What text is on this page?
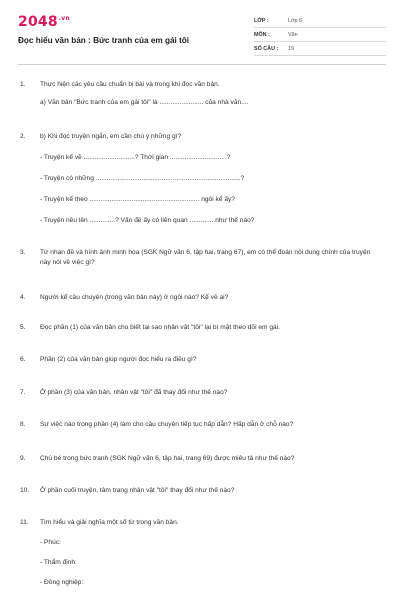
$2048^{.vn}$
Đọc hiểu văn bản : Bức tranh của em gái tôi
LỚP :	Lớp 6
MÔN :	Văn
SỐ CÂU :	19
1.	Thực hiện các yêu cầu chuẩn bị bài và trong khi đọc văn bản.
a) Văn bản "Bức tranh của em gái tôi" là ........................ của nhà văn....
2.	b) Khi đọc truyện ngắn, em cần chú ý những gì?
- Truyện kể về ............................? Thời gian ...............................?
- Truyện có những ...............................................................................?
- Truyện kể theo ............................................................ ngôi kể ấy?
- Truyện nêu lên ..............? Vấn đề ấy có liên quan ............. như thế nào?
3.	Từ nhan đề và hình ảnh minh họa (SGK Ngữ văn 6, tập hai, trang 67), em có thể đoán nội dung chính của truyện này nói về việc gì?
4.	Người kể câu chuyện (trong văn bản này) ở ngôi nào? Kể về ai?
5.	Đọc phần (1) của văn bản cho biết tại sao nhân vật "tôi" lại bí mật theo dõi em gái.
6.	Phần (2) của văn bản giúp người đọc hiểu ra điều gì?
7.	Ở phần (3) của văn bản, nhân vật "tôi" đã thay đổi như thế nào?
8.	Sự việc nào trong phần (4) làm cho câu chuyện tiếp tục hấp dẫn? Hấp dẫn ở chỗ nào?
9.	Chú bé trong bức tranh (SGK Ngữ văn 6, tập hai, trang 69) được miêu tả như thế nào?
10.	Ở phần cuối truyện, tâm trạng nhân vật "tôi" thay đổi như thế nào?
11.	Tìm hiểu và giải nghĩa một số từ trong văn bản.
- Phúc:
- Thẩm định:
- Đồng nghiệp:
